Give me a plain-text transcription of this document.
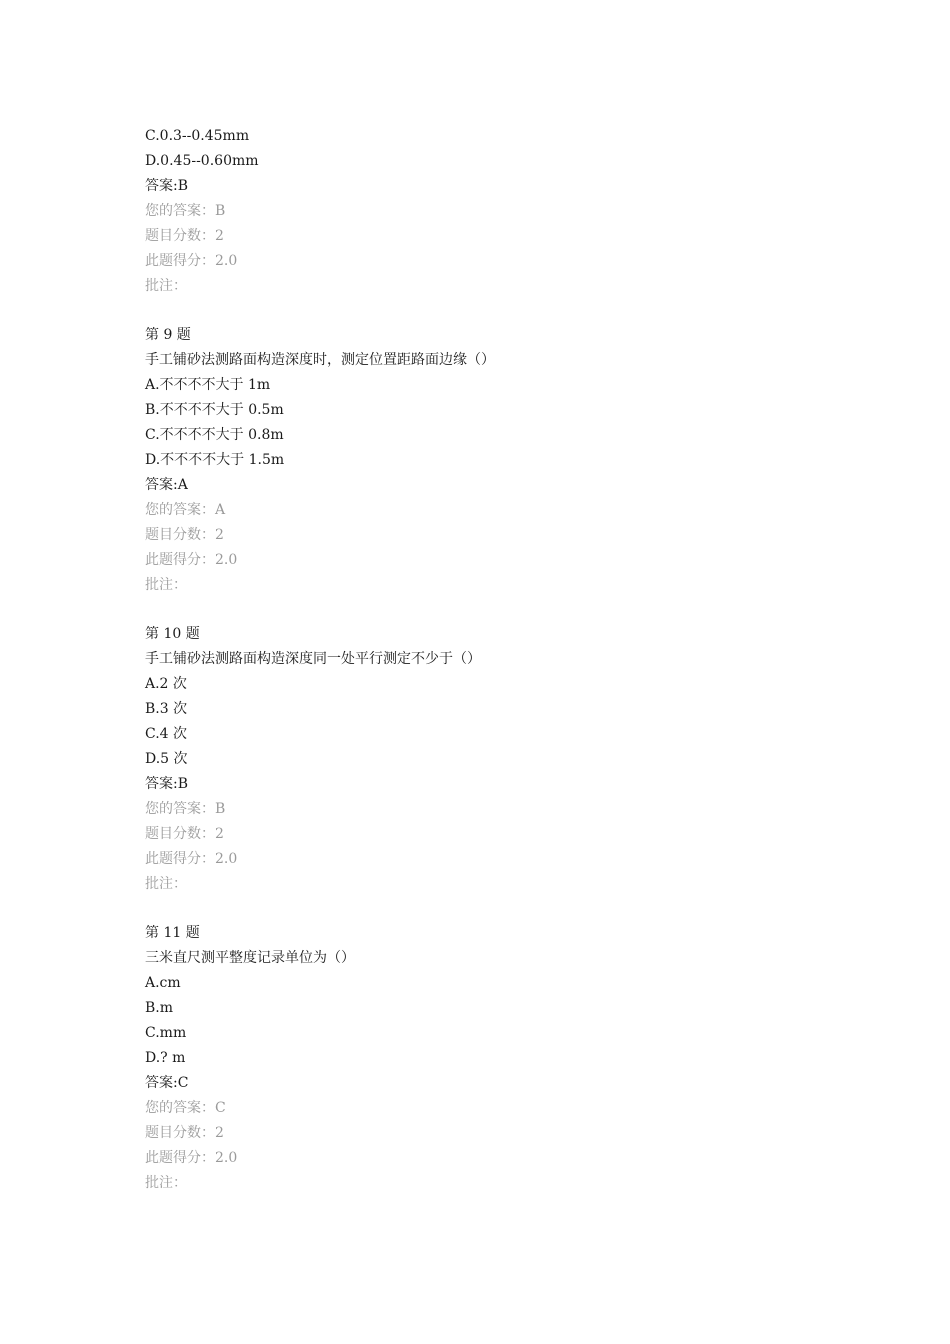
C.0.3--0.45mm
D.0.45--0.60mm
答案:B
您的答案：B
题目分数：2
此题得分：2.0
批注：
第 9 题
手工铺砂法测路面构造深度时，测定位置距路面边缘（）
A.不不不不大于 1m
B.不不不不大于 0.5m
C.不不不不大于 0.8m
D.不不不不大于 1.5m
答案:A
您的答案：A
题目分数：2
此题得分：2.0
批注：
第 10 题
手工铺砂法测路面构造深度同一处平行测定不少于（）
A.2 次
B.3 次
C.4 次
D.5 次
答案:B
您的答案：B
题目分数：2
此题得分：2.0
批注：
第 11 题
三米直尺测平整度记录单位为（）
A.cm
B.m
C.mm
D.? m
答案:C
您的答案：C
题目分数：2
此题得分：2.0
批注：
